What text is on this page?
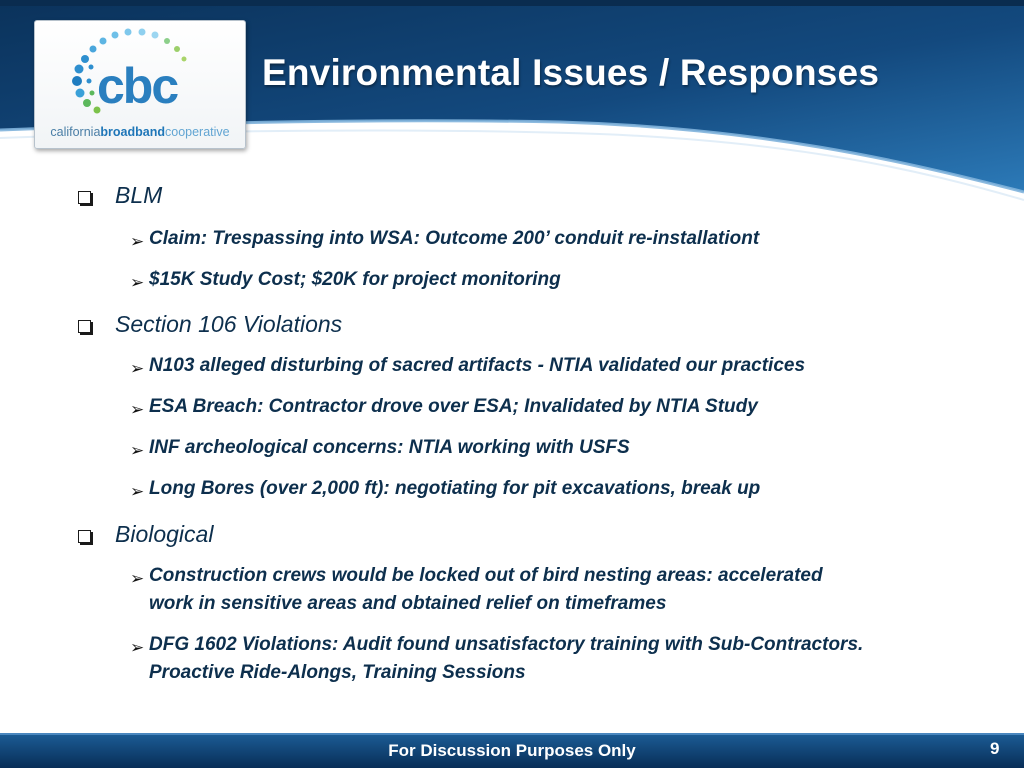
cbc
californiabroadbandcooperative
Environmental Issues / Responses
BLM
➢ Claim: Trespassing into WSA: Outcome 200’ conduit re-installationt
➢ $15K Study Cost; $20K for project monitoring
Section 106 Violations
➢ N103 alleged disturbing of sacred artifacts - NTIA validated our practices
➢ ESA Breach: Contractor drove over ESA; Invalidated by NTIA Study
➢ INF archeological concerns: NTIA working with USFS
➢ Long Bores (over 2,000 ft): negotiating for pit excavations, break up
Biological
➢ Construction crews would be locked out of bird nesting areas: accelerated work in sensitive areas and obtained relief on timeframes
➢ DFG 1602 Violations: Audit found unsatisfactory training with Sub-Contractors. Proactive Ride-Alongs, Training Sessions
For Discussion Purposes Only	9
